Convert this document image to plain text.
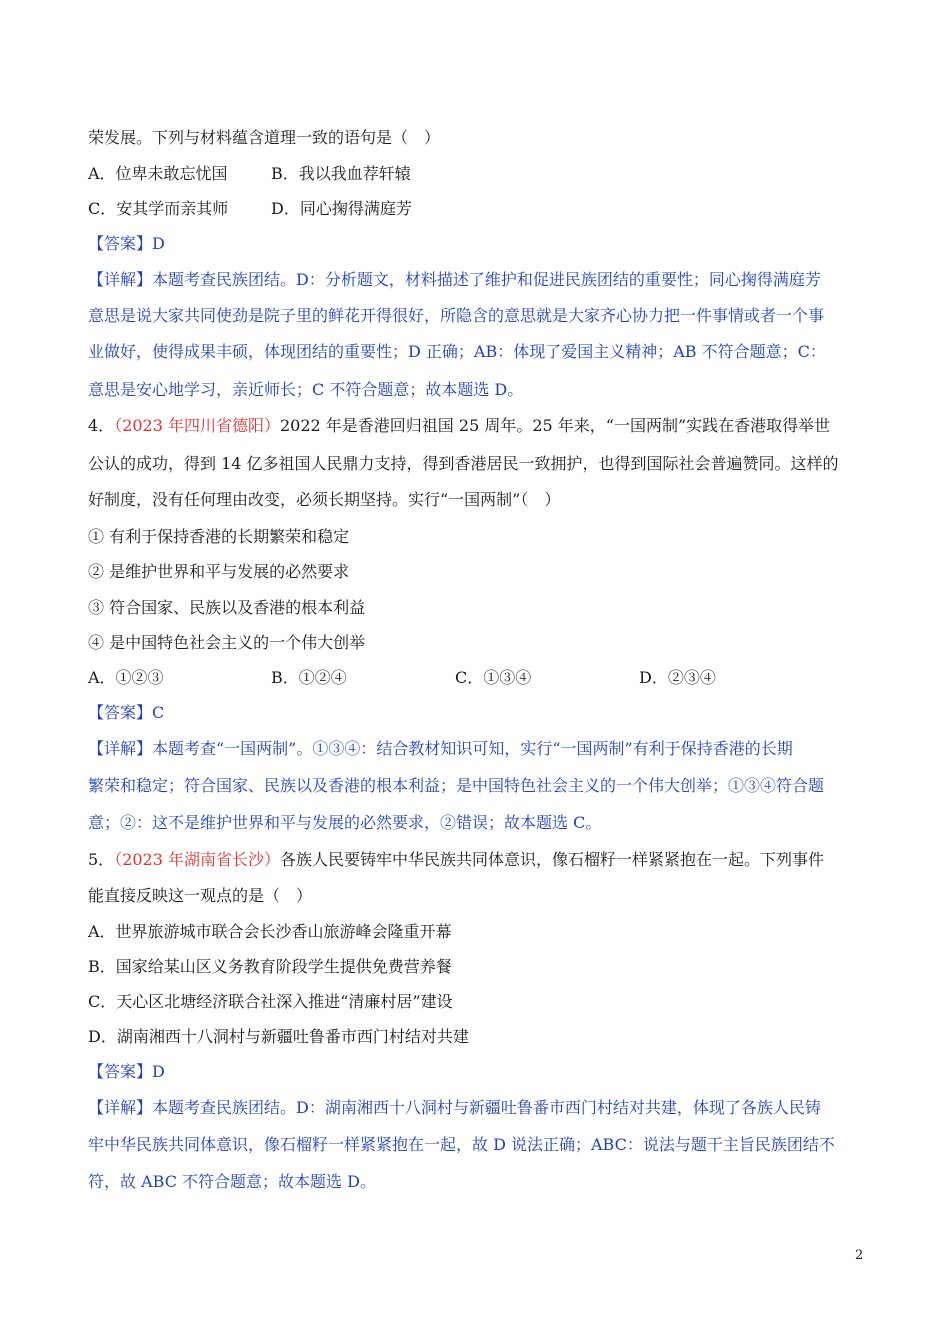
荣发展。下列与材料蕴含道理一致的语句是（　）
A．位卑未敢忘忧国	B．我以我血荐轩辕
C．安其学而亲其师	D．同心掬得满庭芳
【答案】D
【详解】本题考查民族团结。D：分析题文，材料描述了维护和促进民族团结的重要性；同心掬得满庭芳
意思是说大家共同使劲是院子里的鲜花开得很好，所隐含的意思就是大家齐心协力把一件事情或者一个事
业做好，使得成果丰硕，体现团结的重要性；D 正确；AB：体现了爱国主义精神；AB 不符合题意；C：
意思是安心地学习，亲近师长；C 不符合题意；故本题选 D。
4．（2023 年四川省德阳）2022 年是香港回归祖国 25 周年。25 年来，“一国两制”实践在香港取得举世
公认的成功，得到 14 亿多祖国人民鼎力支持，得到香港居民一致拥护，也得到国际社会普遍赞同。这样的
好制度，没有任何理由改变，必须长期坚持。实行“一国两制”（　）
① 有利于保持香港的长期繁荣和稳定
② 是维护世界和平与发展的必然要求
③ 符合国家、民族以及香港的根本利益
④ 是中国特色社会主义的一个伟大创举
A．①②③	B．①②④	C．①③④	D．②③④
【答案】C
【详解】本题考查“一国两制”。①③④：结合教材知识可知，实行“一国两制”有利于保持香港的长期
繁荣和稳定；符合国家、民族以及香港的根本利益；是中国特色社会主义的一个伟大创举；①③④符合题
意；②：这不是维护世界和平与发展的必然要求，②错误；故本题选 C。
5．（2023 年湖南省长沙）各族人民要铸牢中华民族共同体意识，像石榴籽一样紧紧抱在一起。下列事件
能直接反映这一观点的是（　）
A．世界旅游城市联合会长沙香山旅游峰会隆重开幕
B．国家给某山区义务教育阶段学生提供免费营养餐
C．天心区北塘经济联合社深入推进“清廉村居”建设
D．湖南湘西十八洞村与新疆吐鲁番市西门村结对共建
【答案】D
【详解】本题考查民族团结。D：湖南湘西十八洞村与新疆吐鲁番市西门村结对共建，体现了各族人民铸
牢中华民族共同体意识，像石榴籽一样紧紧抱在一起，故 D 说法正确；ABC：说法与题干主旨民族团结不
符，故 ABC 不符合题意；故本题选 D。
2
